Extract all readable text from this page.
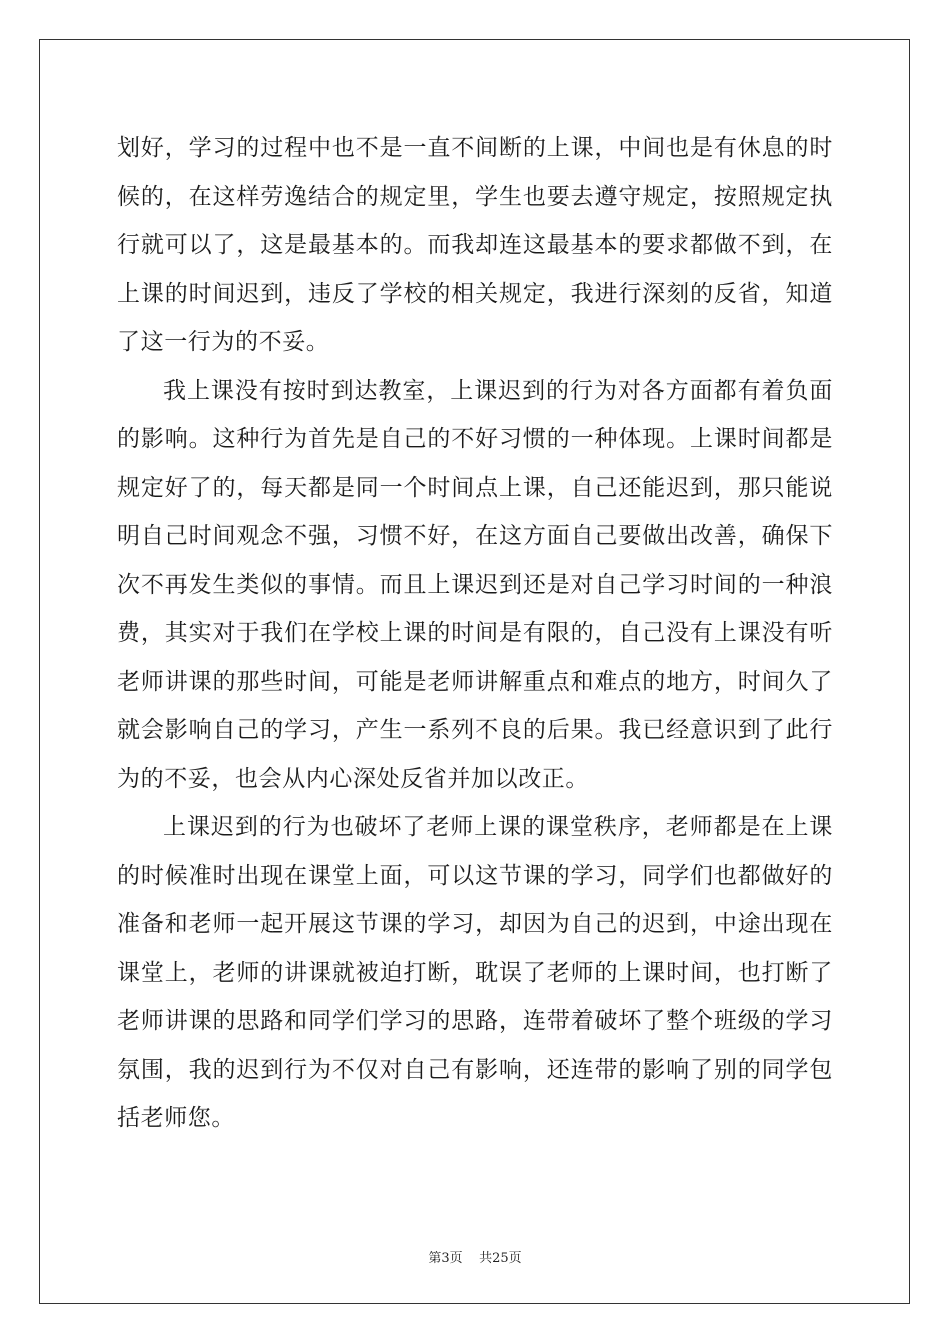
划好，学习的过程中也不是一直不间断的上课，中间也是有休息的时候的，在这样劳逸结合的规定里，学生也要去遵守规定，按照规定执行就可以了，这是最基本的。而我却连这最基本的要求都做不到，在上课的时间迟到，违反了学校的相关规定，我进行深刻的反省，知道了这一行为的不妥。

我上课没有按时到达教室，上课迟到的行为对各方面都有着负面的影响。这种行为首先是自己的不好习惯的一种体现。上课时间都是规定好了的，每天都是同一个时间点上课，自己还能迟到，那只能说明自己时间观念不强，习惯不好，在这方面自己要做出改善，确保下次不再发生类似的事情。而且上课迟到还是对自己学习时间的一种浪费，其实对于我们在学校上课的时间是有限的，自己没有上课没有听老师讲课的那些时间，可能是老师讲解重点和难点的地方，时间久了就会影响自己的学习，产生一系列不良的后果。我已经意识到了此行为的不妥，也会从内心深处反省并加以改正。

上课迟到的行为也破坏了老师上课的课堂秩序，老师都是在上课的时候准时出现在课堂上面，可以这节课的学习，同学们也都做好的准备和老师一起开展这节课的学习，却因为自己的迟到，中途出现在课堂上，老师的讲课就被迫打断，耽误了老师的上课时间，也打断了老师讲课的思路和同学们学习的思路，连带着破坏了整个班级的学习氛围，我的迟到行为不仅对自己有影响，还连带的影响了别的同学包括老师您。

第3页 共25页
